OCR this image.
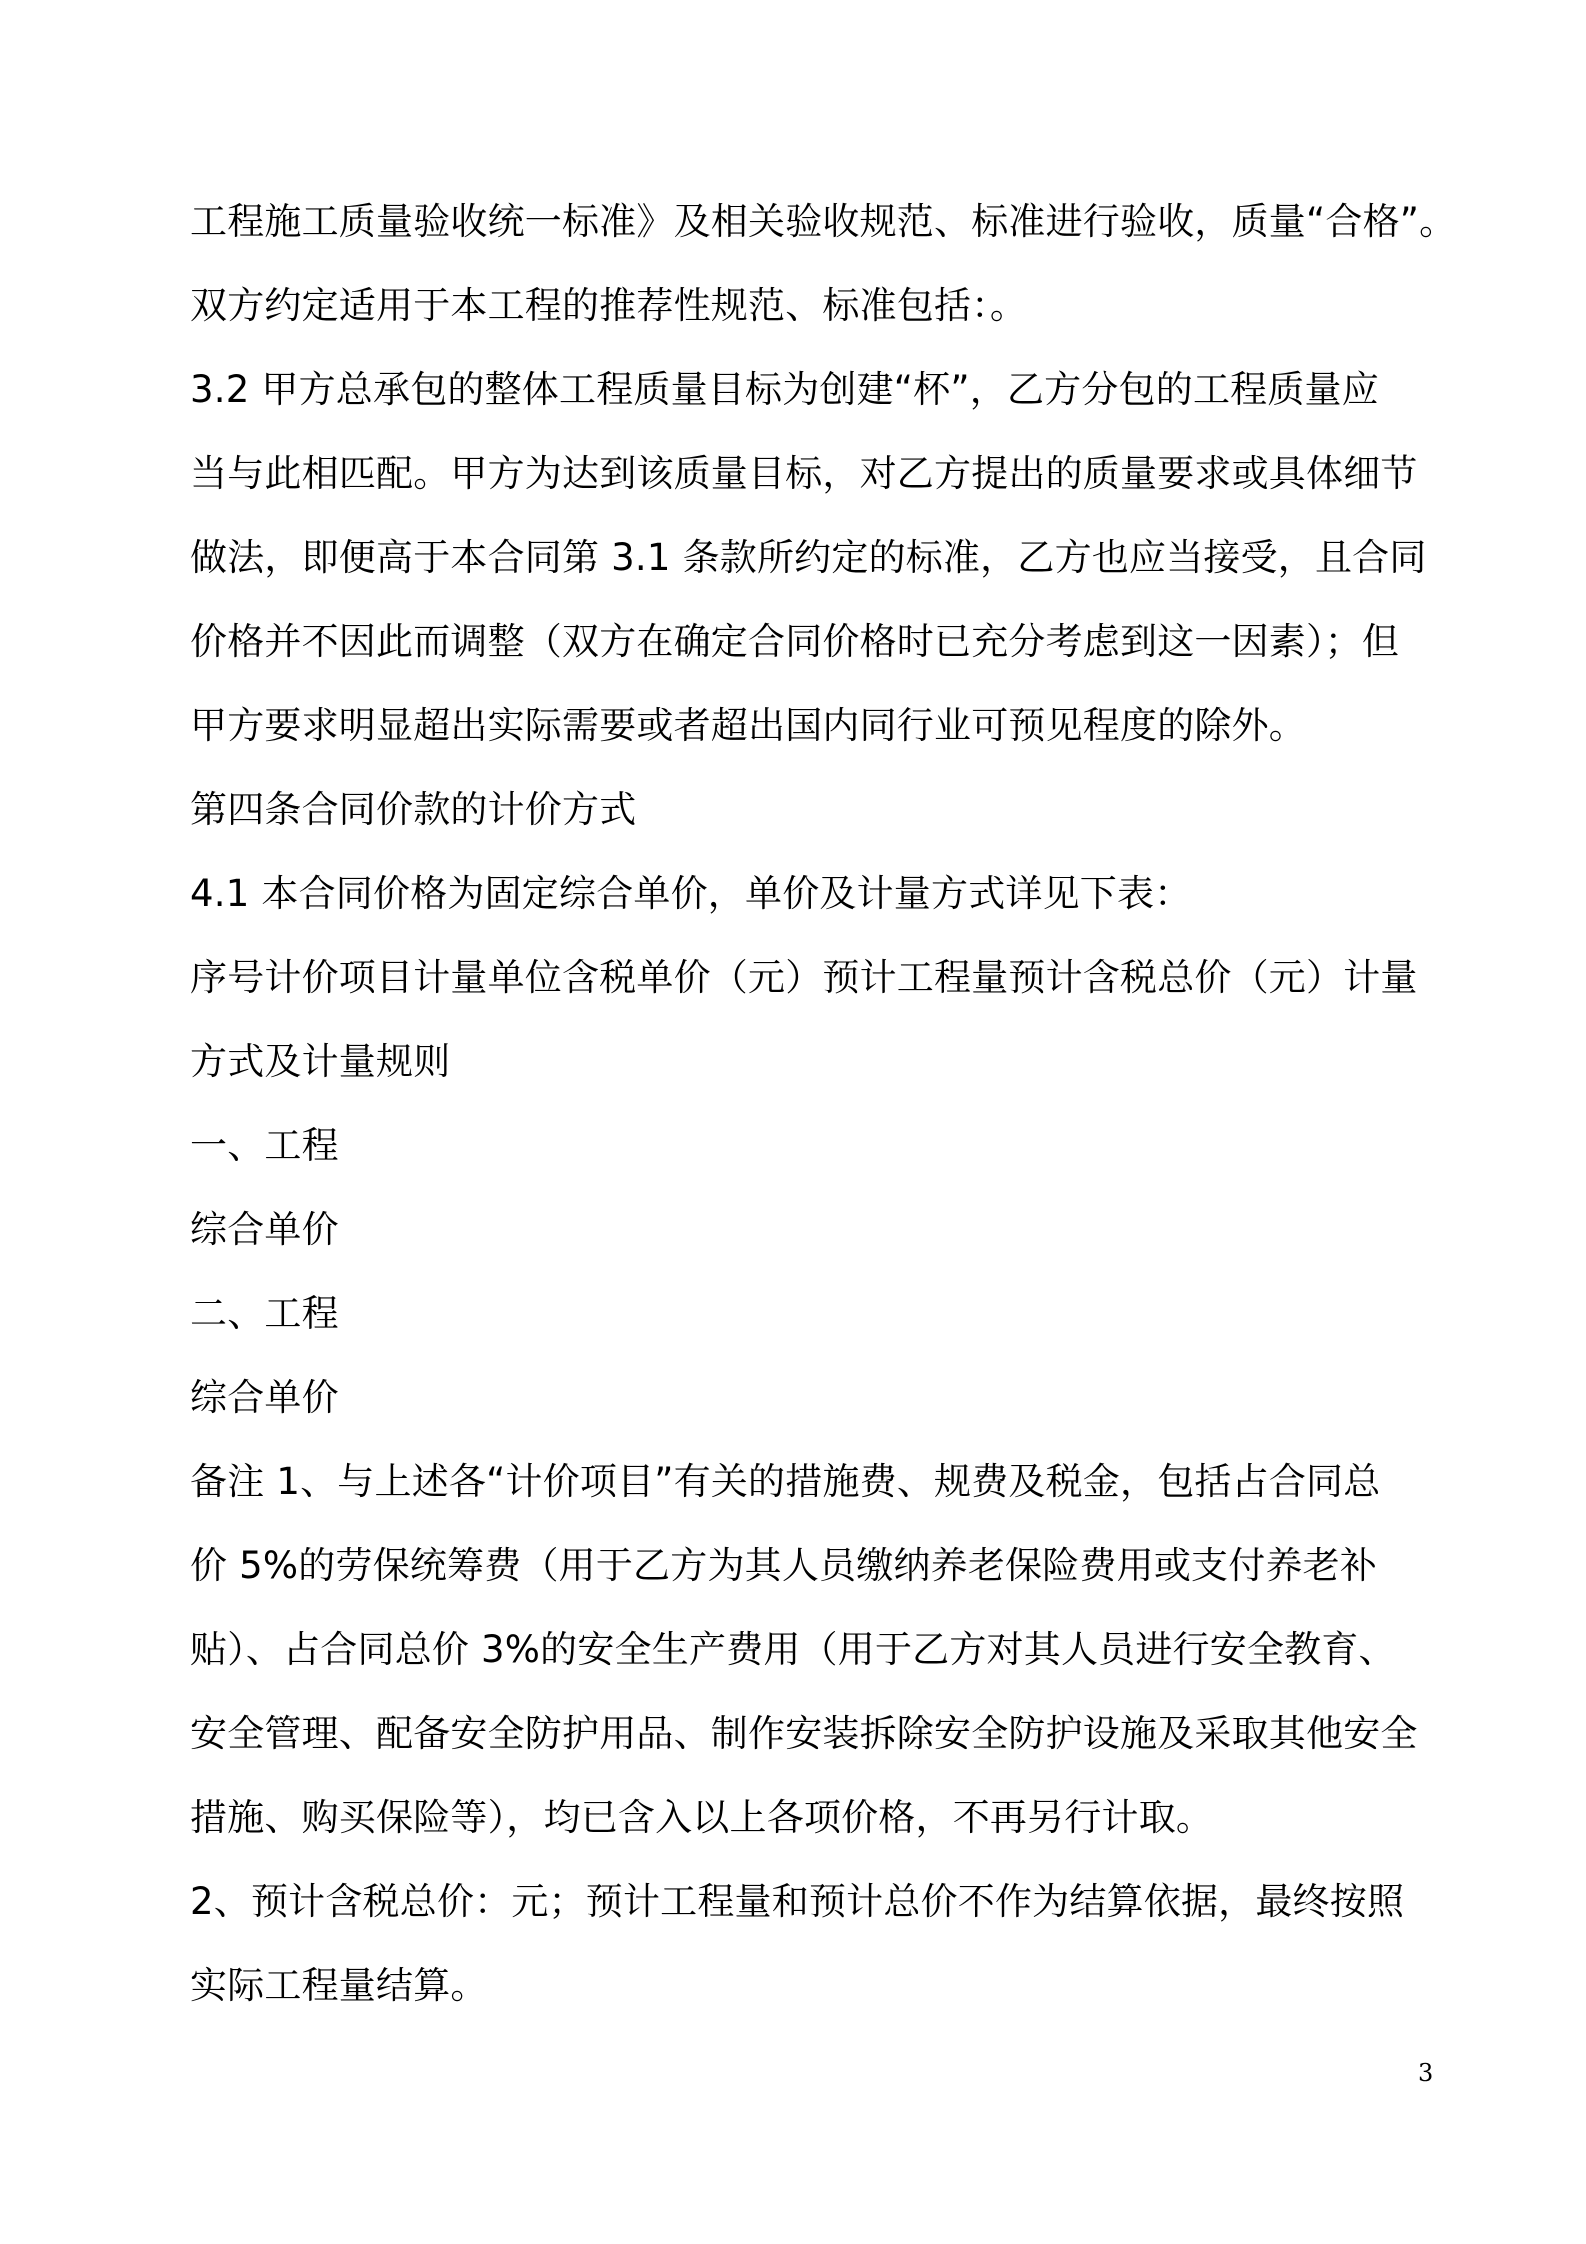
工程施工质量验收统一标准》及相关验收规范、标准进行验收，质量“合格”。
双方约定适用于本工程的推荐性规范、标准包括：。
3.2 甲方总承包的整体工程质量目标为创建“杯”，乙方分包的工程质量应
当与此相匹配。甲方为达到该质量目标，对乙方提出的质量要求或具体细节
做法，即便高于本合同第 3.1 条款所约定的标准，乙方也应当接受，且合同
价格并不因此而调整（双方在确定合同价格时已充分考虑到这一因素）；但
甲方要求明显超出实际需要或者超出国内同行业可预见程度的除外。
第四条合同价款的计价方式
4.1 本合同价格为固定综合单价，单价及计量方式详见下表：
序号计价项目计量单位含税单价（元）预计工程量预计含税总价（元）计量
方式及计量规则
一、工程
综合单价
二、工程
综合单价
备注 1、与上述各“计价项目”有关的措施费、规费及税金，包括占合同总
价 5%的劳保统筹费（用于乙方为其人员缴纳养老保险费用或支付养老补
贴）、占合同总价 3%的安全生产费用（用于乙方对其人员进行安全教育、
安全管理、配备安全防护用品、制作安装拆除安全防护设施及采取其他安全
措施、购买保险等），均已含入以上各项价格，不再另行计取。
2、预计含税总价：元；预计工程量和预计总价不作为结算依据，最终按照
实际工程量结算。
3
